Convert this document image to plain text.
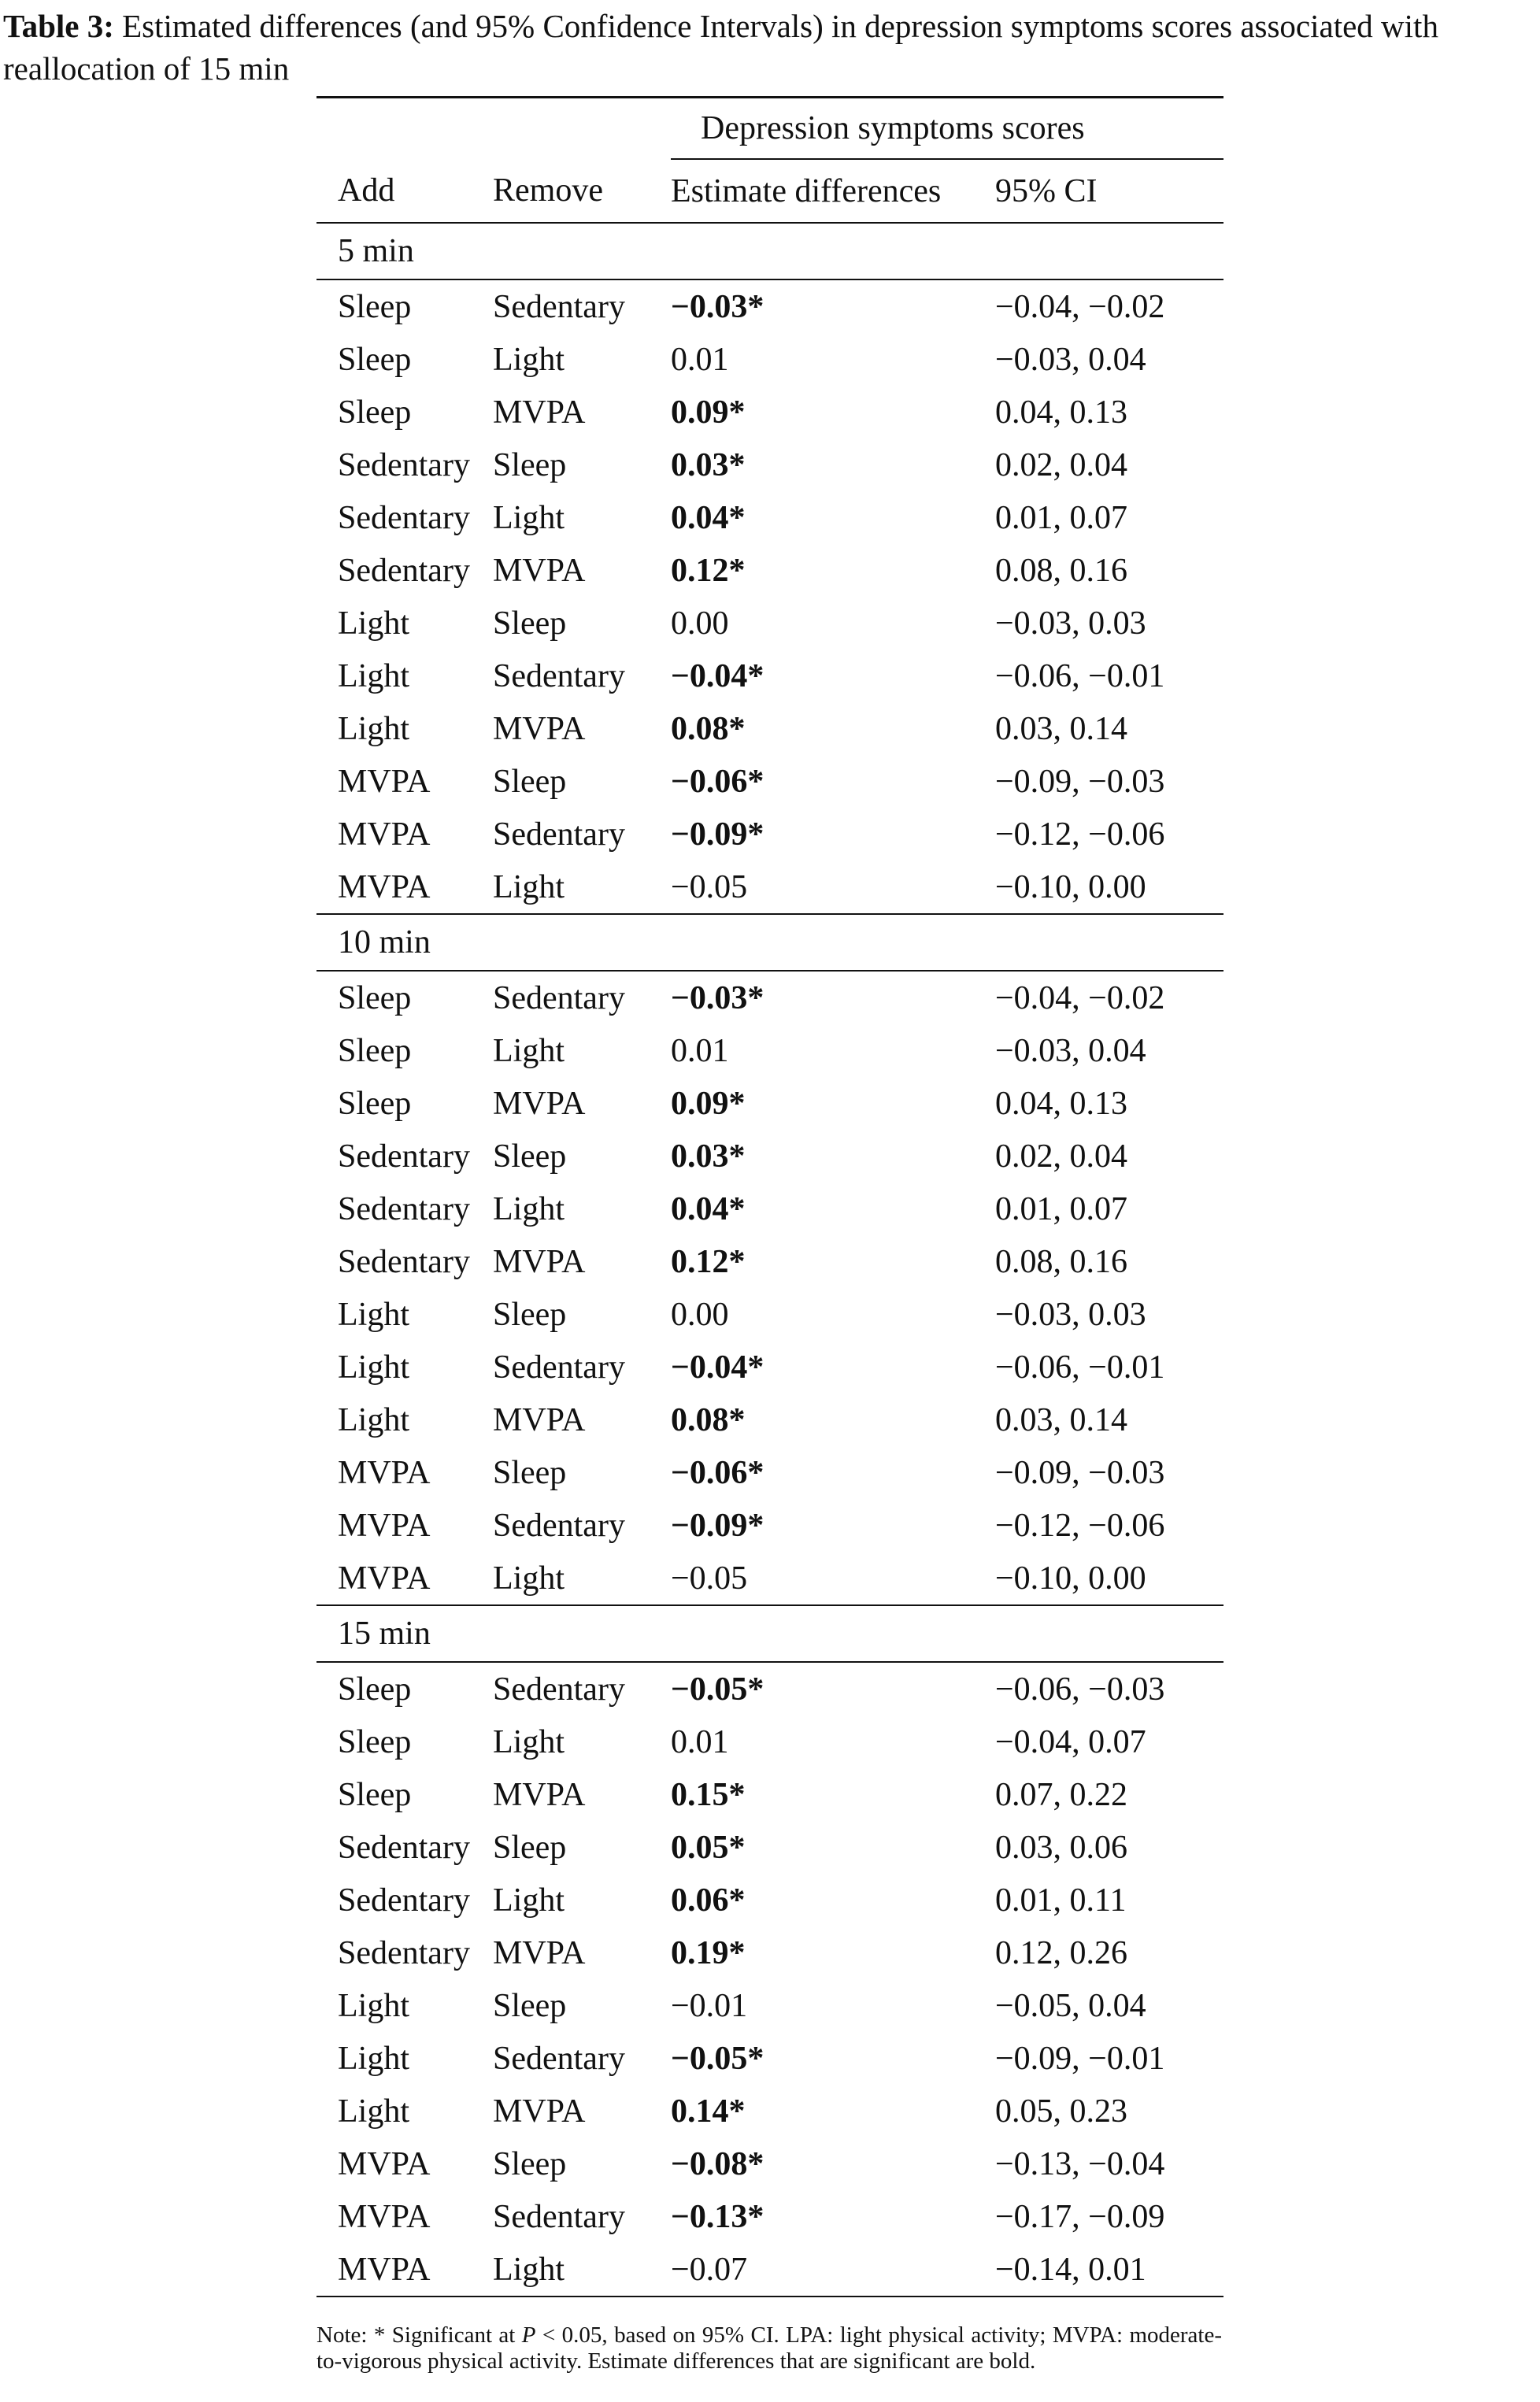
Table 3: Estimated differences (and 95% Confidence Intervals) in depression symptoms scores associated with reallocation of 15 min
		Depression symptoms scores	
Add	Remove	Estimate differences	95% CI
5 min			
Sleep	Sedentary	−0.03*	−0.04, −0.02
Sleep	Light	0.01	−0.03, 0.04
Sleep	MVPA	0.09*	0.04, 0.13
Sedentary	Sleep	0.03*	0.02, 0.04
Sedentary	Light	0.04*	0.01, 0.07
Sedentary	MVPA	0.12*	0.08, 0.16
Light	Sleep	0.00	−0.03, 0.03
Light	Sedentary	−0.04*	−0.06, −0.01
Light	MVPA	0.08*	0.03, 0.14
MVPA	Sleep	−0.06*	−0.09, −0.03
MVPA	Sedentary	−0.09*	−0.12, −0.06
MVPA	Light	−0.05	−0.10, 0.00
10 min			
Sleep	Sedentary	−0.03*	−0.04, −0.02
Sleep	Light	0.01	−0.03, 0.04
Sleep	MVPA	0.09*	0.04, 0.13
Sedentary	Sleep	0.03*	0.02, 0.04
Sedentary	Light	0.04*	0.01, 0.07
Sedentary	MVPA	0.12*	0.08, 0.16
Light	Sleep	0.00	−0.03, 0.03
Light	Sedentary	−0.04*	−0.06, −0.01
Light	MVPA	0.08*	0.03, 0.14
MVPA	Sleep	−0.06*	−0.09, −0.03
MVPA	Sedentary	−0.09*	−0.12, −0.06
MVPA	Light	−0.05	−0.10, 0.00
15 min			
Sleep	Sedentary	−0.05*	−0.06, −0.03
Sleep	Light	0.01	−0.04, 0.07
Sleep	MVPA	0.15*	0.07, 0.22
Sedentary	Sleep	0.05*	0.03, 0.06
Sedentary	Light	0.06*	0.01, 0.11
Sedentary	MVPA	0.19*	0.12, 0.26
Light	Sleep	−0.01	−0.05, 0.04
Light	Sedentary	−0.05*	−0.09, −0.01
Light	MVPA	0.14*	0.05, 0.23
MVPA	Sleep	−0.08*	−0.13, −0.04
MVPA	Sedentary	−0.13*	−0.17, −0.09
MVPA	Light	−0.07	−0.14, 0.01
Note: * Significant at P < 0.05, based on 95% CI. LPA: light physical activity; MVPA: moderate-to-vigorous physical activity. Estimate differences that are significant are bold.
